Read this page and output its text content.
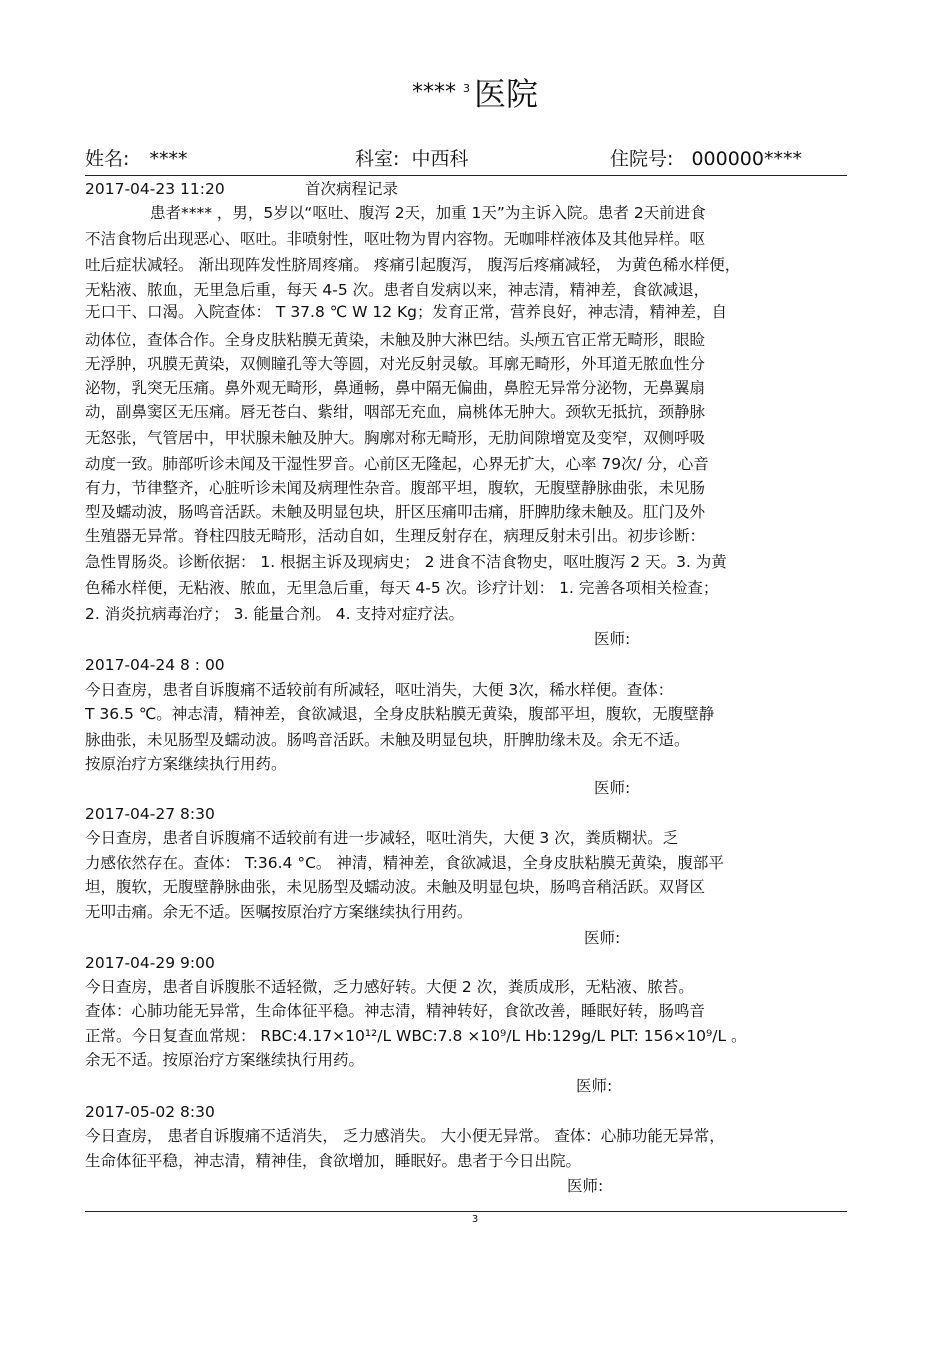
3
**** 医院
姓名: ****	科室: 中西科	住院号: 000000****
2017-04-23 11:20	首次病程记录
患者**** ，男，5岁以“呕吐、腹泻 2天，加重 1天”为主诉入院。患者 2天前进食
不洁食物后出现恶心、呕吐。非喷射性，呕吐物为胃内容物。无咖啡样液体及其他异样。呕
吐后症状减轻。 渐出现阵发性脐周疼痛。 疼痛引起腹泻， 腹泻后疼痛减轻， 为黄色稀水样便，
无粘液、脓血，无里急后重，每天 4-5 次。患者自发病以来，神志清，精神差，食欲减退，
无口干、口渴。入院查体： T 37.8 ℃ W 12 Kg；发育正常，营养良好，神志清，精神差，自
动体位，查体合作。全身皮肤粘膜无黄染，未触及肿大淋巴结。头颅五官正常无畸形，眼睑
无浮肿，巩膜无黄染，双侧瞳孔等大等圆，对光反射灵敏。耳廓无畸形，外耳道无脓血性分
泌物，乳突无压痛。鼻外观无畸形，鼻通畅，鼻中隔无偏曲，鼻腔无异常分泌物，无鼻翼扇
动，副鼻窦区无压痛。唇无苍白、紫绀，咽部无充血，扁桃体无肿大。颈软无抵抗，颈静脉
无怒张，气管居中，甲状腺未触及肿大。胸廓对称无畸形，无肋间隙增宽及变窄，双侧呼吸
动度一致。肺部听诊未闻及干湿性罗音。心前区无隆起，心界无扩大，心率 79次/ 分，心音
有力，节律整齐，心脏听诊未闻及病理性杂音。腹部平坦，腹软，无腹壁静脉曲张，未见肠
型及蠕动波，肠鸣音活跃。未触及明显包块，肝区压痛叩击痛，肝脾肋缘未触及。肛门及外
生殖器无异常。脊柱四肢无畸形，活动自如，生理反射存在，病理反射未引出。初步诊断：
急性胃肠炎。诊断依据： 1. 根据主诉及现病史； 2 进食不洁食物史，呕吐腹泻 2 天。3. 为黄
色稀水样便，无粘液、脓血，无里急后重，每天 4-5 次。诊疗计划： 1. 完善各项相关检查；
2. 消炎抗病毒治疗； 3. 能量合剂。 4. 支持对症疗法。
医师:
2017-04-24 8 : 00
今日查房，患者自诉腹痛不适较前有所减轻，呕吐消失，大便 3次，稀水样便。查体：
T 36.5 ℃。神志清，精神差，食欲减退，全身皮肤粘膜无黄染，腹部平坦，腹软，无腹壁静
脉曲张，未见肠型及蠕动波。肠鸣音活跃。未触及明显包块，肝脾肋缘未及。余无不适。
按原治疗方案继续执行用药。
医师:
2017-04-27 8:30
今日查房，患者自诉腹痛不适较前有进一步减轻，呕吐消失，大便 3 次，粪质糊状。乏
力感依然存在。查体： T:36.4 °C。 神清，精神差，食欲减退，全身皮肤粘膜无黄染，腹部平
坦，腹软，无腹壁静脉曲张，未见肠型及蠕动波。未触及明显包块，肠鸣音稍活跃。双肾区
无叩击痛。余无不适。医嘱按原治疗方案继续执行用药。
医师:
2017-04-29 9:00
今日查房，患者自诉腹胀不适轻微，乏力感好转。大便 2 次，粪质成形，无粘液、脓苔。
查体：心肺功能无异常，生命体征平稳。神志清，精神转好，食欲改善，睡眠好转，肠鸣音
正常。今日复查血常规： RBC:4.17×10¹²/L WBC:7.8 ×10⁹/L Hb:129g/L PLT: 156×10⁹/L 。
余无不适。按原治疗方案继续执行用药。
医师:
2017-05-02 8:30
今日查房， 患者自诉腹痛不适消失， 乏力感消失。 大小便无异常。 查体：心肺功能无异常，
生命体征平稳，神志清，精神佳，食欲增加，睡眠好。患者于今日出院。
医师:
3
